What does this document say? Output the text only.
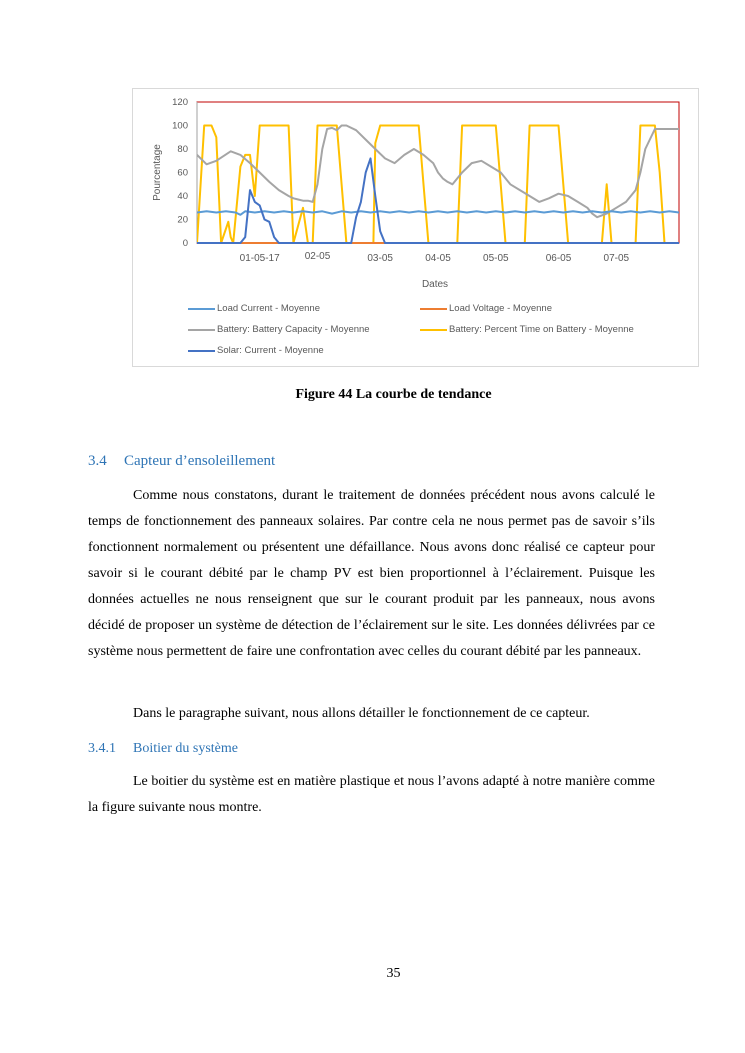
0
20
40
60
80
100
120
Pourcentage
01-05-17	02-05	03-05	04-05	05-05	06-05	07-05
Dates
Load Current - Moyenne	Load Voltage - Moyenne
Battery: Battery Capacity - Moyenne	Battery: Percent Time on Battery - Moyenne
Solar: Current - Moyenne
Figure 44 La courbe de tendance
3.4 Capteur d’ensoleillement

Comme nous constatons, durant le traitement de données précédent nous avons calculé le temps de fonctionnement des panneaux solaires. Par contre cela ne nous permet pas de savoir s’ils fonctionnent normalement ou présentent une défaillance. Nous avons donc réalisé ce capteur pour savoir si le courant débité par le champ PV est bien proportionnel à l’éclairement. Puisque les données actuelles ne nous renseignent que sur le courant produit par les panneaux, nous avons décidé de proposer un système de détection de l’éclairement sur le site. Les données délivrées par ce système nous permettent de faire une confrontation avec celles du courant débité par les panneaux.

Dans le paragraphe suivant, nous allons détailler le fonctionnement de ce capteur.

3.4.1 Boitier du système

Le boitier du système est en matière plastique et nous l’avons adapté à notre manière comme la figure suivante nous montre.

35
